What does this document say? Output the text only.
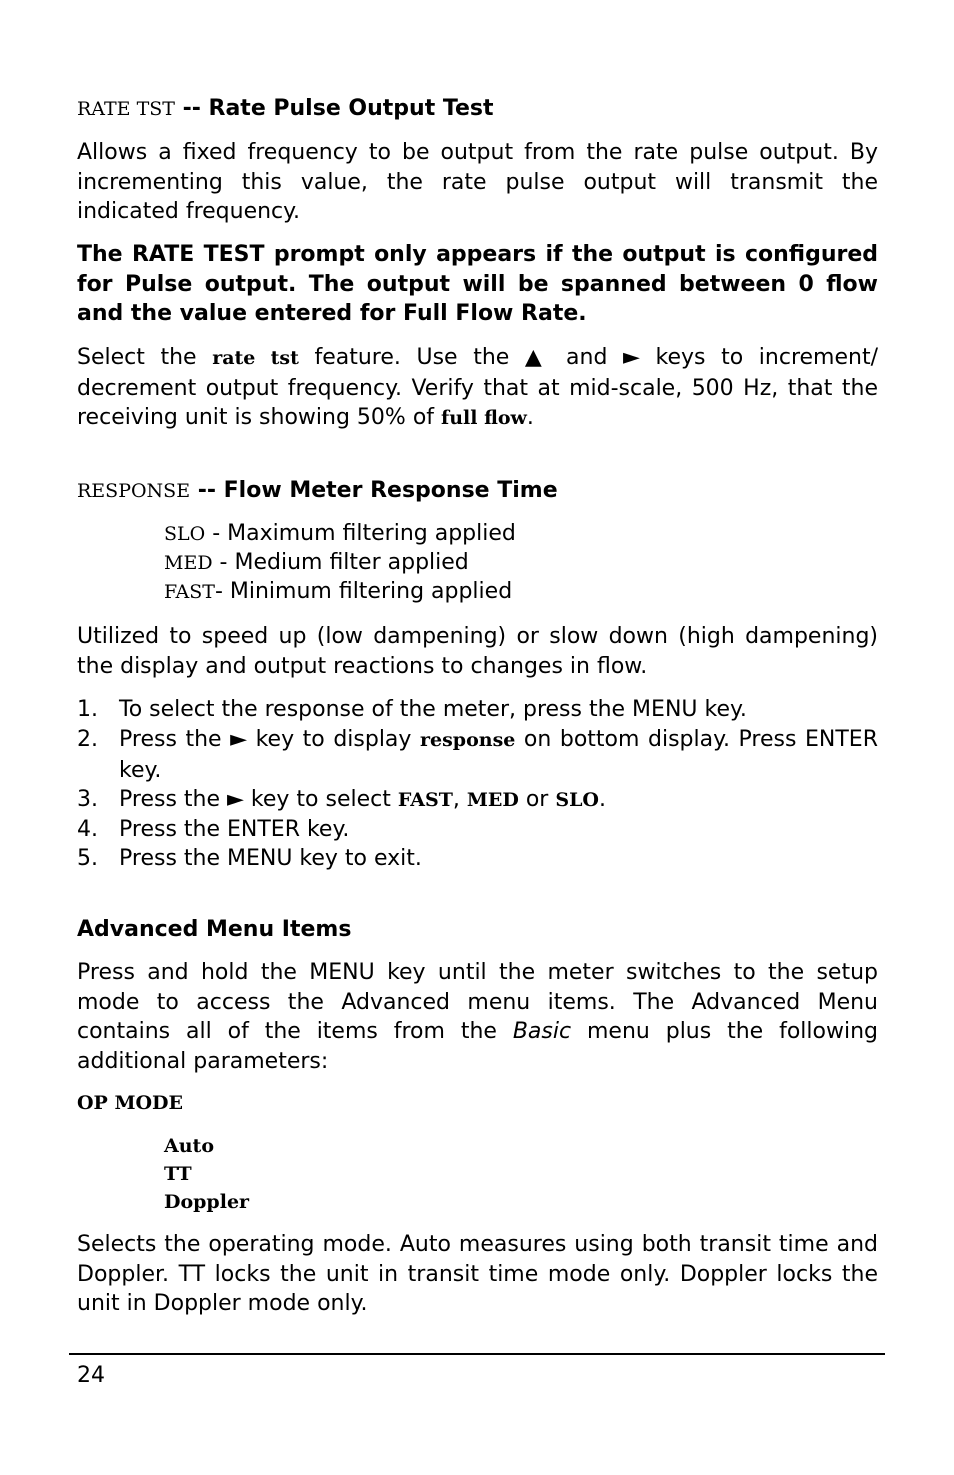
RATE TST -- Rate Pulse Output Test
Allows a fixed frequency to be output from the rate pulse output. By incrementing this value, the rate pulse output will transmit the indicated frequency.
The RATE TEST prompt only appears if the output is configured for Pulse output. The output will be spanned between 0 flow and the value entered for Full Flow Rate.
Select the rate tst feature. Use the ▲ and ► keys to increment/ decrement output frequency. Verify that at mid-scale, 500 Hz, that the receiving unit is showing 50% of full flow.
RESPONSE -- Flow Meter Response Time
SLO - Maximum filtering applied
MED - Medium filter applied
FAST- Minimum filtering applied
Utilized to speed up (low dampening) or slow down (high dampening) the display and output reactions to changes in flow.
1. To select the response of the meter, press the MENU key.
2. Press the ► key to display response on bottom display. Press ENTER key.
3. Press the ► key to select FAST, MED or SLO.
4. Press the ENTER key.
5. Press the MENU key to exit.
Advanced Menu Items
Press and hold the MENU key until the meter switches to the setup mode to access the Advanced menu items. The Advanced Menu contains all of the items from the Basic menu plus the following additional parameters:
OP MODE
Auto
TT
Doppler
Selects the operating mode. Auto measures using both transit time and Doppler. TT locks the unit in transit time mode only. Doppler locks the unit in Doppler mode only.
24
